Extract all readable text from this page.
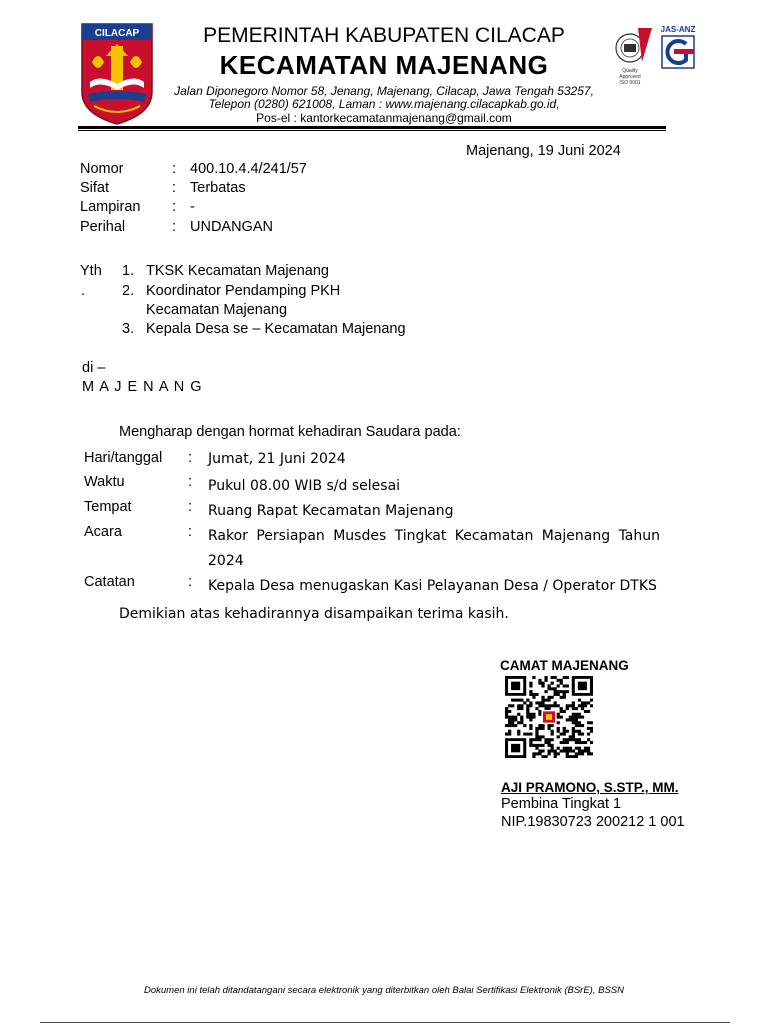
CILACAP	PEMERINTAH KABUPATEN CILACAP
KECAMATAN MAJENANG
Jalan Diponegoro Nomor 58, Jenang, Majenang, Cilacap, Jawa Tengah 53257,
Telepon (0280) 621008, Laman : www.majenang.cilacapkab.go.id,
Pos-el : kantorkecamatanmajenang@gmail.com
Quality
Approved
ISO 9001
JAS-ANZ
Majenang, 19 Juni 2024
Nomor	: 400.10.4.4/241/57
Sifat	: Terbatas
Lampiran : -
Perihal	: UNDANGAN
Yth
.
1. TKSK Kecamatan Majenang
2. Koordinator Pendamping PKH
Kecamatan Majenang
3. Kepala Desa se – Kecamatan Majenang
di –
M A J E N A N G
Mengharap dengan hormat kehadiran Saudara pada:
Hari/tanggal : Jumat, 21 Juni 2024
Waktu	: Pukul 08.00 WIB s/d selesai
Tempat	: Ruang Rapat Kecamatan Majenang
Acara	: Rakor Persiapan Musdes Tingkat Kecamatan Majenang Tahun
2024
Catatan	: Kepala Desa menugaskan Kasi Pelayanan Desa / Operator DTKS
Demikian atas kehadirannya disampaikan terima kasih.
CAMAT MAJENANG
AJI PRAMONO, S.STP., MM.
Pembina Tingkat 1
NIP.19830723 200212 1 001
Dokumen ini telah ditandatangani secara elektronik yang diterbitkan oleh Balai Sertifikasi Elektronik (BSrE), BSSN
